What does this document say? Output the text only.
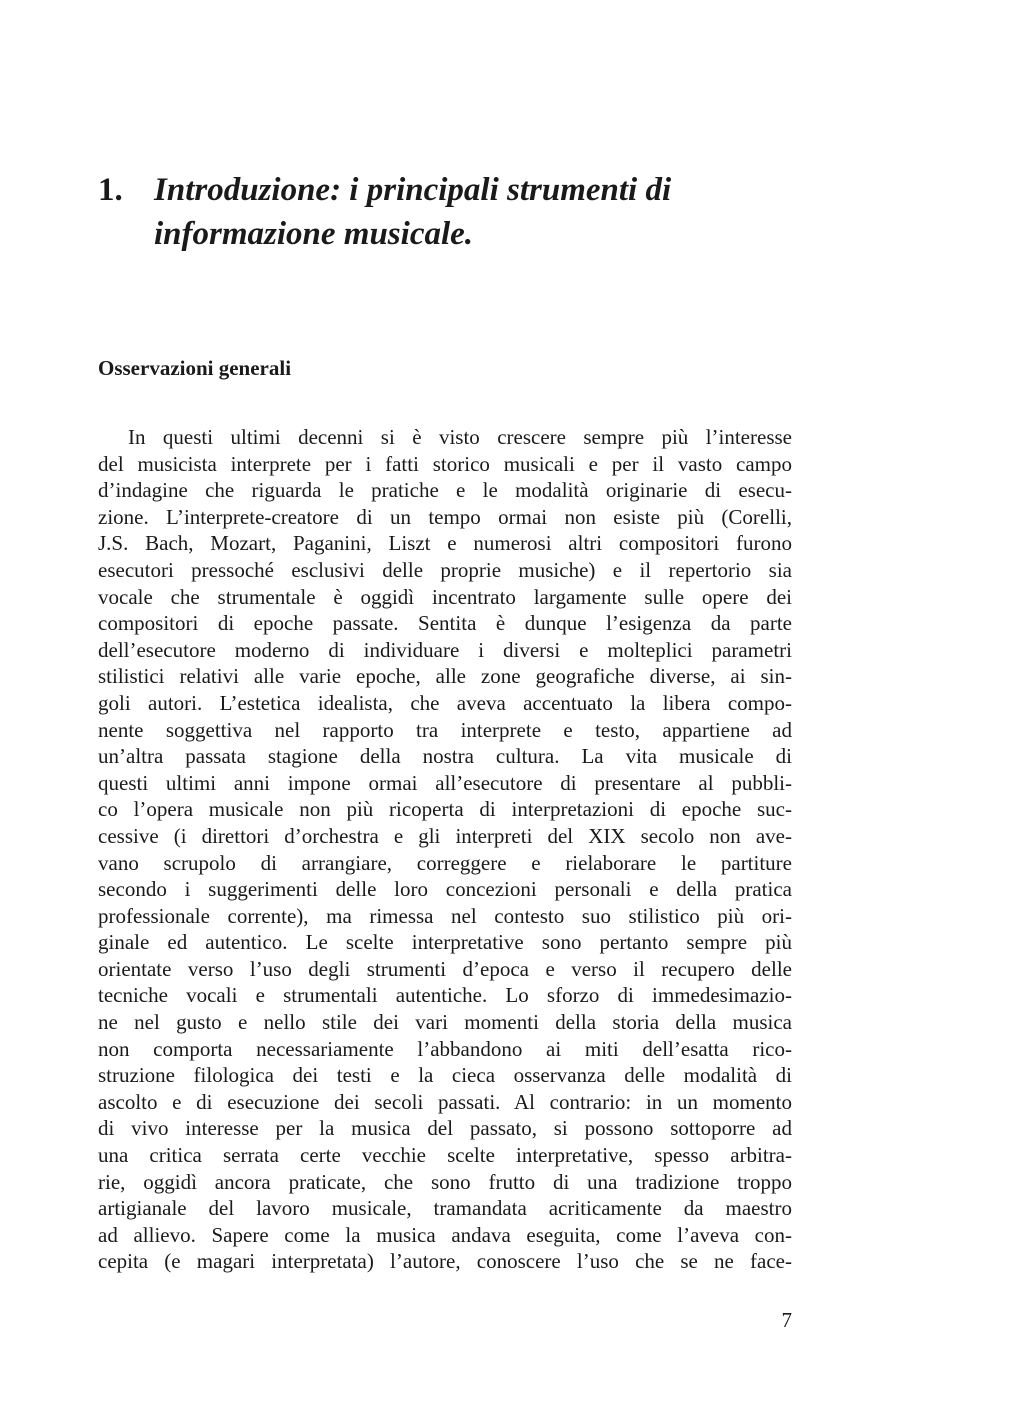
1. Introduzione: i principali strumenti di
informazione musicale.
Osservazioni generali
In questi ultimi decenni si è visto crescere sempre più l’interesse
del musicista interprete per i fatti storico musicali e per il vasto campo
d’indagine che riguarda le pratiche e le modalità originarie di esecu-
zione. L’interprete-creatore di un tempo ormai non esiste più (Corelli,
J.S. Bach, Mozart, Paganini, Liszt e numerosi altri compositori furono
esecutori pressoché esclusivi delle proprie musiche) e il repertorio sia
vocale che strumentale è oggidì incentrato largamente sulle opere dei
compositori di epoche passate. Sentita è dunque l’esigenza da parte
dell’esecutore moderno di individuare i diversi e molteplici parametri
stilistici relativi alle varie epoche, alle zone geografiche diverse, ai sin-
goli autori. L’estetica idealista, che aveva accentuato la libera compo-
nente soggettiva nel rapporto tra interprete e testo, appartiene ad
un’altra passata stagione della nostra cultura. La vita musicale di
questi ultimi anni impone ormai all’esecutore di presentare al pubbli-
co l’opera musicale non più ricoperta di interpretazioni di epoche suc-
cessive (i direttori d’orchestra e gli interpreti del XIX secolo non ave-
vano scrupolo di arrangiare, correggere e rielaborare le partiture
secondo i suggerimenti delle loro concezioni personali e della pratica
professionale corrente), ma rimessa nel contesto suo stilistico più ori-
ginale ed autentico. Le scelte interpretative sono pertanto sempre più
orientate verso l’uso degli strumenti d’epoca e verso il recupero delle
tecniche vocali e strumentali autentiche. Lo sforzo di immedesimazio-
ne nel gusto e nello stile dei vari momenti della storia della musica
non comporta necessariamente l’abbandono ai miti dell’esatta rico-
struzione filologica dei testi e la cieca osservanza delle modalità di
ascolto e di esecuzione dei secoli passati. Al contrario: in un momento
di vivo interesse per la musica del passato, si possono sottoporre ad
una critica serrata certe vecchie scelte interpretative, spesso arbitra-
rie, oggidì ancora praticate, che sono frutto di una tradizione troppo
artigianale del lavoro musicale, tramandata acriticamente da maestro
ad allievo. Sapere come la musica andava eseguita, come l’aveva con-
cepita (e magari interpretata) l’autore, conoscere l’uso che se ne face-
7
